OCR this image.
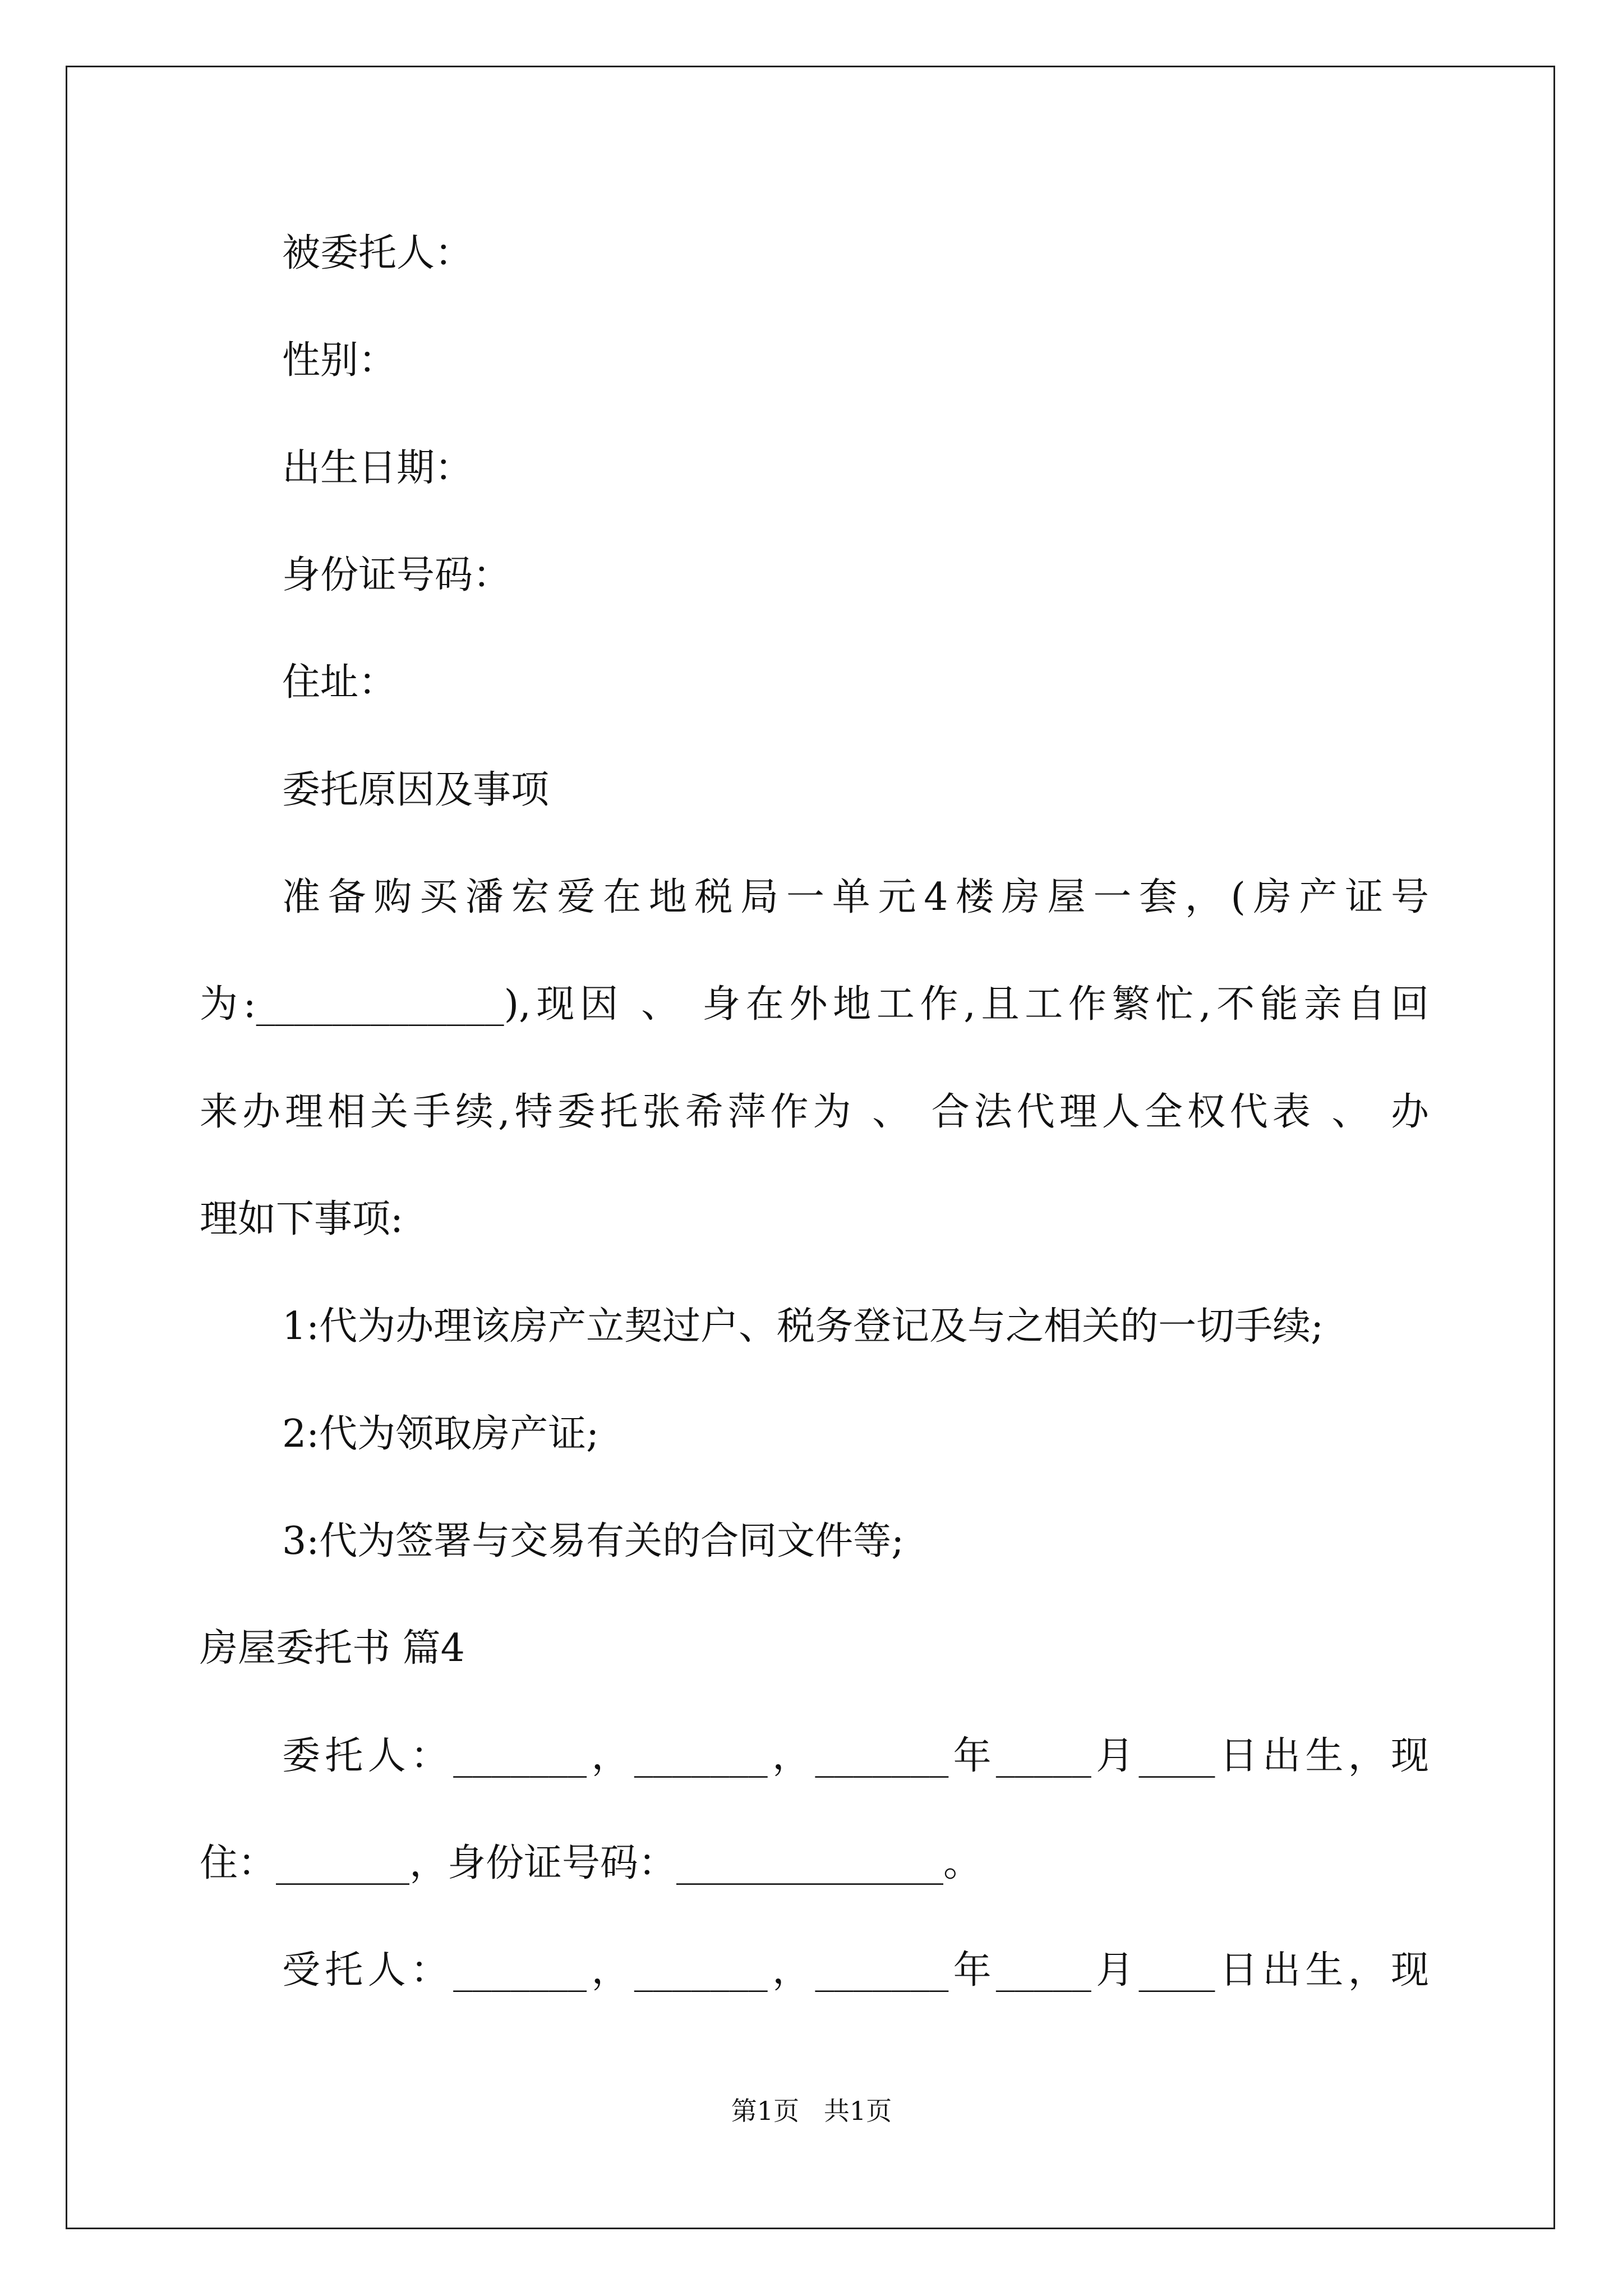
被委托人：
性别：
出生日期：
身份证号码：
住址：
委托原因及事项
准备购买潘宏爱在地税局一单元4楼房屋一套，(房产证号
为:_____________),现因 、 身在外地工作,且工作繁忙,不能亲自回
来办理相关手续,特委托张希萍作为 、 合法代理人全权代表 、 办
理如下事项:
1:代为办理该房产立契过户、税务登记及与之相关的一切手续;
2:代为领取房产证;
3:代为签署与交易有关的合同文件等;
房屋委托书 篇4
委托人：_______，_______，_______年_____月____日出生，现
住：_______，身份证号码：______________。
受托人：_______，_______，_______年_____月____日出生，现
第1页   共1页
